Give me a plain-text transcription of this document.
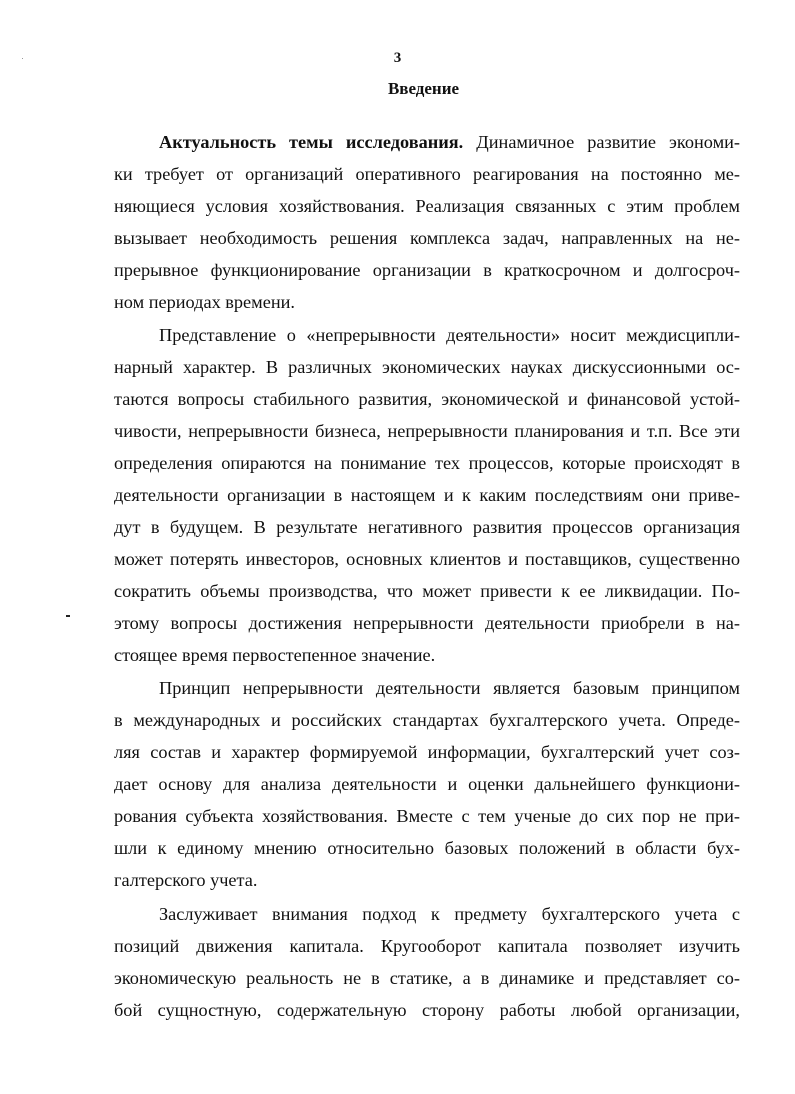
3
Введение

Актуальность темы исследования. Динамичное развитие экономи-

ки требует от организаций оперативного реагирования на постоянно ме-

няющиеся условия хозяйствования. Реализация связанных с этим проблем

вызывает необходимость решения комплекса задач, направленных на не-

прерывное функционирование организации в краткосрочном и долгосроч-

ном периодах времени.

Представление о «непрерывности деятельности» носит междисципли-

нарный характер. В различных экономических науках дискуссионными ос-

таются вопросы стабильного развития, экономической и финансовой устой-

чивости, непрерывности бизнеса, непрерывности планирования и т.п. Все эти

определения опираются на понимание тех процессов, которые происходят в

деятельности организации в настоящем и к каким последствиям они приве-

дут в будущем. В результате негативного развития процессов организация

может потерять инвесторов, основных клиентов и поставщиков, существенно

сократить объемы производства, что может привести к ее ликвидации. По-

этому вопросы достижения непрерывности деятельности приобрели в на-

стоящее время первостепенное значение.

Принцип непрерывности деятельности является базовым принципом

в международных и российских стандартах бухгалтерского учета. Опреде-

ляя состав и характер формируемой информации, бухгалтерский учет соз-

дает основу для анализа деятельности и оценки дальнейшего функциони-

рования субъекта хозяйствования. Вместе с тем ученые до сих пор не при-

шли к единому мнению относительно базовых положений в области бух-

галтерского учета.

Заслуживает внимания подход к предмету бухгалтерского учета с

позиций движения капитала. Кругооборот капитала позволяет изучить

экономическую реальность не в статике, а в динамике и представляет со-

бой сущностную, содержательную сторону работы любой организации,
